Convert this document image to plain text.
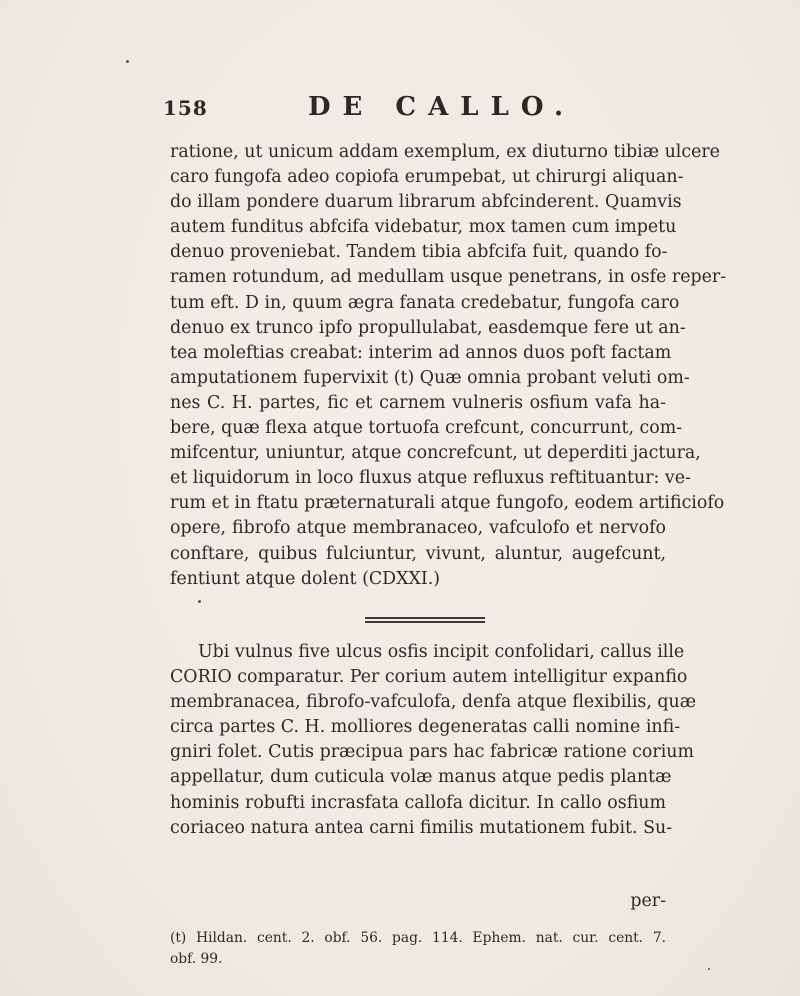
158	DE CALLO.
ratione, ut unicum addam exemplum, ex diuturno tibiæ ulcere
caro fungofa adeo copiofa erumpebat, ut chirurgi aliquan-
do illam pondere duarum librarum abfcinderent. Quamvis
autem funditus abfcifa videbatur, mox tamen cum impetu
denuo proveniebat. Tandem tibia abfcifa fuit, quando fo-
ramen rotundum, ad medullam usque penetrans, in osfe reper-
tum eft. D in, quum ægra fanata credebatur, fungofa caro
denuo ex trunco ipfo propullulabat, easdemque fere ut an-
tea moleftias creabat: interim ad annos duos poft factam
amputationem fupervixit (t) Quæ omnia probant veluti om-
nes C. H. partes, fic et carnem vulneris osfium vafa ha-
bere, quæ flexa atque tortuofa crefcunt, concurrunt, com-
mifcentur, uniuntur, atque concrefcunt, ut deperditi jactura,
et liquidorum in loco fluxus atque refluxus reftituantur: ve-
rum et in ftatu præternaturali atque fungofo, eodem artificiofo
opere, fibrofo atque membranaceo, vafculofo et nervofo
conftare, quibus fulciuntur, vivunt, aluntur, augefcunt,
fentiunt atque dolent (CDXXI.)
Ubi vulnus five ulcus osfis incipit confolidari, callus ille
CORIO comparatur. Per corium autem intelligitur expanfio
membranacea, fibrofo-vafculofa, denfa atque flexibilis, quæ
circa partes C. H. molliores degeneratas calli nomine infi-
gniri folet. Cutis præcipua pars hac fabricæ ratione corium
appellatur, dum cuticula volæ manus atque pedis plantæ
hominis robufti incrasfata callofa dicitur. In callo osfium
coriaceo natura antea carni fimilis mutationem fubit. Su-
per-
(t) Hildan. cent. 2. obf. 56. pag. 114. Ephem. nat. cur. cent. 7.
obf. 99.
